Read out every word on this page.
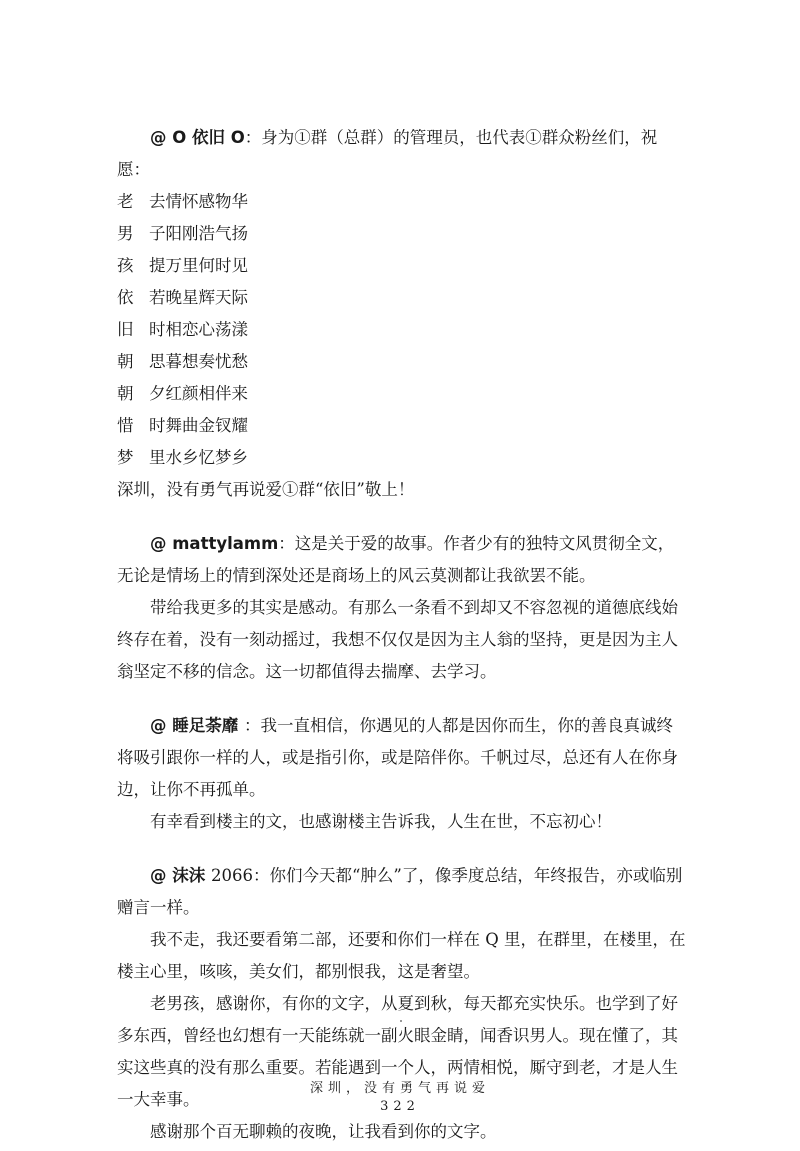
@ O 依旧 O：身为①群（总群）的管理员，也代表①群众粉丝们，祝愿：

老 去情怀感物华
男 子阳刚浩气扬
孩 提万里何时见
依 若晚星辉天际
旧 时相恋心荡漾
朝 思暮想奏忧愁
朝 夕红颜相伴来
惜 时舞曲金钗耀
梦 里水乡忆梦乡

深圳，没有勇气再说爱①群“依旧”敬上！

@ mattylamm：这是关于爱的故事。作者少有的独特文风贯彻全文，无论是情场上的情到深处还是商场上的风云莫测都让我欲罢不能。

带给我更多的其实是感动。有那么一条看不到却又不容忽视的道德底线始终存在着，没有一刻动摇过，我想不仅仅是因为主人翁的坚持，更是因为主人翁坚定不移的信念。这一切都值得去揣摩、去学习。

@ 睡足荼靡 ：我一直相信，你遇见的人都是因你而生，你的善良真诚终将吸引跟你一样的人，或是指引你，或是陪伴你。千帆过尽，总还有人在你身边，让你不再孤单。

有幸看到楼主的文，也感谢楼主告诉我，人生在世，不忘初心！

@ 沫沫 2066：你们今天都“肿么”了，像季度总结，年终报告，亦或临别赠言一样。

我不走，我还要看第二部，还要和你们一样在 Q 里，在群里，在楼里，在楼主心里，咳咳，美女们，都别恨我，这是奢望。

老男孩，感谢你，有你的文字，从夏到秋，每天都充实快乐。也学到了好多东西，曾经也幻想有一天能练就一副火眼金睛，闻香识男人。现在懂了，其实这些真的没有那么重要。若能遇到一个人，两情相悦，厮守到老，才是人生一大幸事。

感谢那个百无聊赖的夜晚，让我看到你的文字。

深圳，没有勇气再说爱
322
